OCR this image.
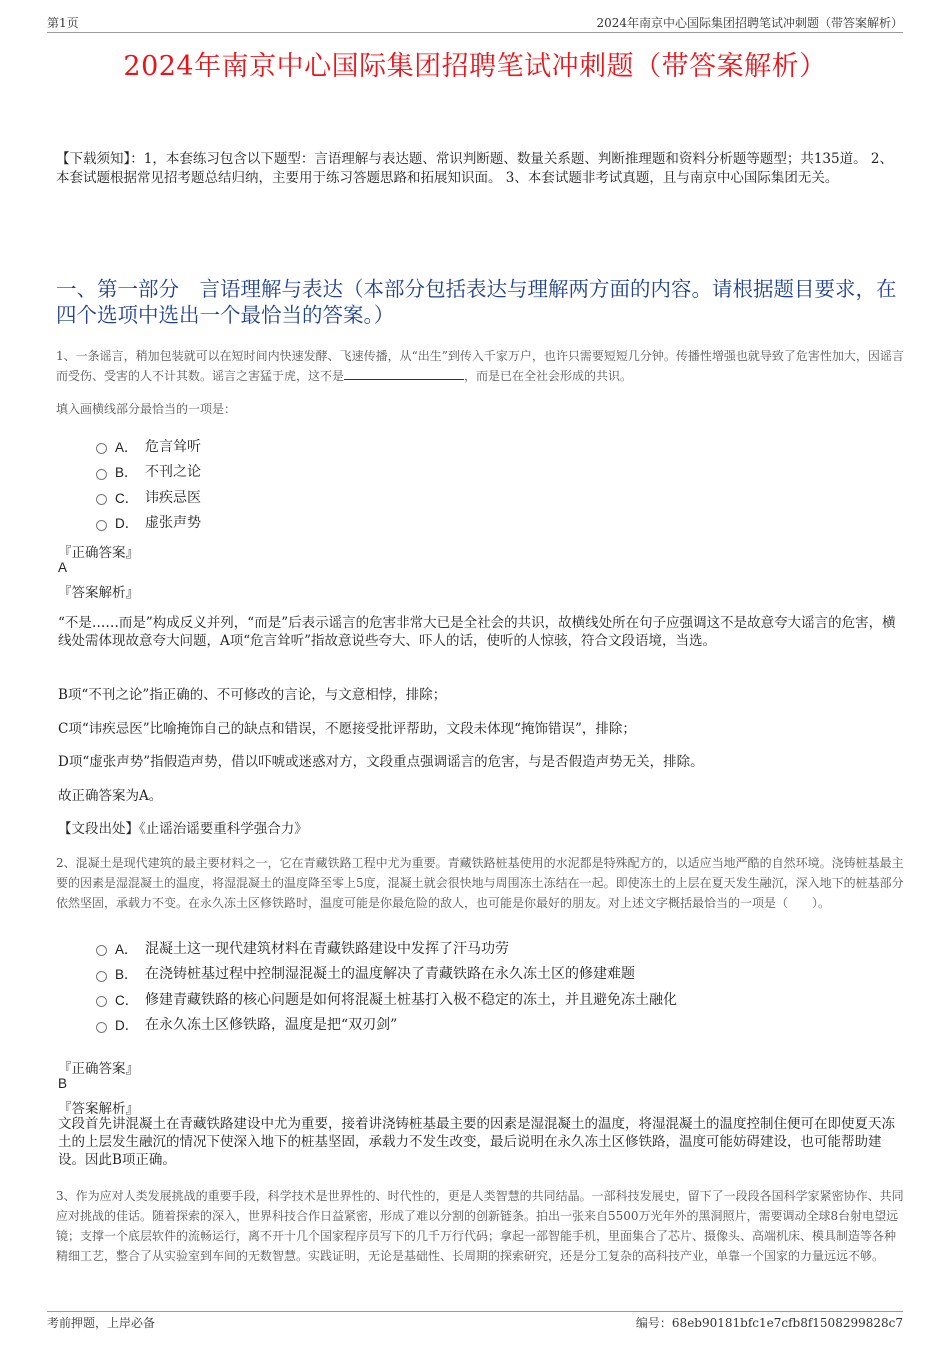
第1页	2024年南京中心国际集团招聘笔试冲刺题（带答案解析）
2024年南京中心国际集团招聘笔试冲刺题（带答案解析）
【下载须知】：1，本套练习包含以下题型：言语理解与表达题、常识判断题、数量关系题、判断推理题和资料分析题等题型；共135道。 2、本套试题根据常见招考题总结归纳，主要用于练习答题思路和拓展知识面。 3、本套试题非考试真题，且与南京中心国际集团无关。
一、第一部分　言语理解与表达（本部分包括表达与理解两方面的内容。请根据题目要求，在四个选项中选出一个最恰当的答案。）
1、一条谣言，稍加包装就可以在短时间内快速发酵、飞速传播，从“出生”到传入千家万户，也许只需要短短几分钟。传播性增强也就导致了危害性加大，因谣言而受伤、受害的人不计其数。谣言之害猛于虎，这不是	，而是已在全社会形成的共识。
填入画横线部分最恰当的一项是：
A． 危言耸听
B． 不刊之论
C． 讳疾忌医
D． 虚张声势
『正确答案』
A
『答案解析』
“不是……而是”构成反义并列，“而是”后表示谣言的危害非常大已是全社会的共识，故横线处所在句子应强调这不是故意夸大谣言的危害，横线处需体现故意夸大问题，A项“危言耸听”指故意说些夸大、吓人的话，使听的人惊骇，符合文段语境，当选。
B项“不刊之论”指正确的、不可修改的言论，与文意相悖，排除；
C项“讳疾忌医”比喻掩饰自己的缺点和错误，不愿接受批评帮助，文段未体现“掩饰错误”，排除；
D项“虚张声势”指假造声势，借以吓唬或迷惑对方，文段重点强调谣言的危害，与是否假造声势无关，排除。
故正确答案为A。
【文段出处】《止谣治谣要重科学强合力》
2、混凝土是现代建筑的最主要材料之一，它在青藏铁路工程中尤为重要。青藏铁路桩基使用的水泥都是特殊配方的，以适应当地严酷的自然环境。浇铸桩基最主要的因素是湿混凝土的温度，将湿混凝土的温度降至零上5度，混凝土就会很快地与周围冻土冻结在一起。即使冻土的上层在夏天发生融沉，深入地下的桩基部分依然坚固，承载力不变。在永久冻土区修铁路时，温度可能是你最危险的敌人，也可能是你最好的朋友。对上述文字概括最恰当的一项是（　　）。
A． 混凝土这一现代建筑材料在青藏铁路建设中发挥了汗马功劳
B． 在浇铸桩基过程中控制湿混凝土的温度解决了青藏铁路在永久冻土区的修建难题
C． 修建青藏铁路的核心问题是如何将混凝土桩基打入极不稳定的冻土，并且避免冻土融化
D． 在永久冻土区修铁路，温度是把“双刃剑”
『正确答案』
B
『答案解析』
文段首先讲混凝土在青藏铁路建设中尤为重要，接着讲浇铸桩基最主要的因素是湿混凝土的温度，将湿混凝土的温度控制住便可在即使夏天冻土的上层发生融沉的情况下使深入地下的桩基坚固，承载力不发生改变，最后说明在永久冻土区修铁路，温度可能妨碍建设，也可能帮助建设。因此B项正确。
3、作为应对人类发展挑战的重要手段，科学技术是世界性的、时代性的，更是人类智慧的共同结晶。一部科技发展史，留下了一段段各国科学家紧密协作、共同应对挑战的佳话。随着探索的深入，世界科技合作日益紧密，形成了难以分割的创新链条。拍出一张来自5500万光年外的黑洞照片，需要调动全球8台射电望远镜；支撑一个底层软件的流畅运行，离不开十几个国家程序员写下的几千万行代码；拿起一部智能手机，里面集合了芯片、摄像头、高端机床、模具制造等各种精细工艺，整合了从实验室到车间的无数智慧。实践证明，无论是基础性、长周期的探索研究，还是分工复杂的高科技产业，单靠一个国家的力量远远不够。
考前押题，上岸必备	编号：68eb90181bfc1e7cfb8f1508299828c7
